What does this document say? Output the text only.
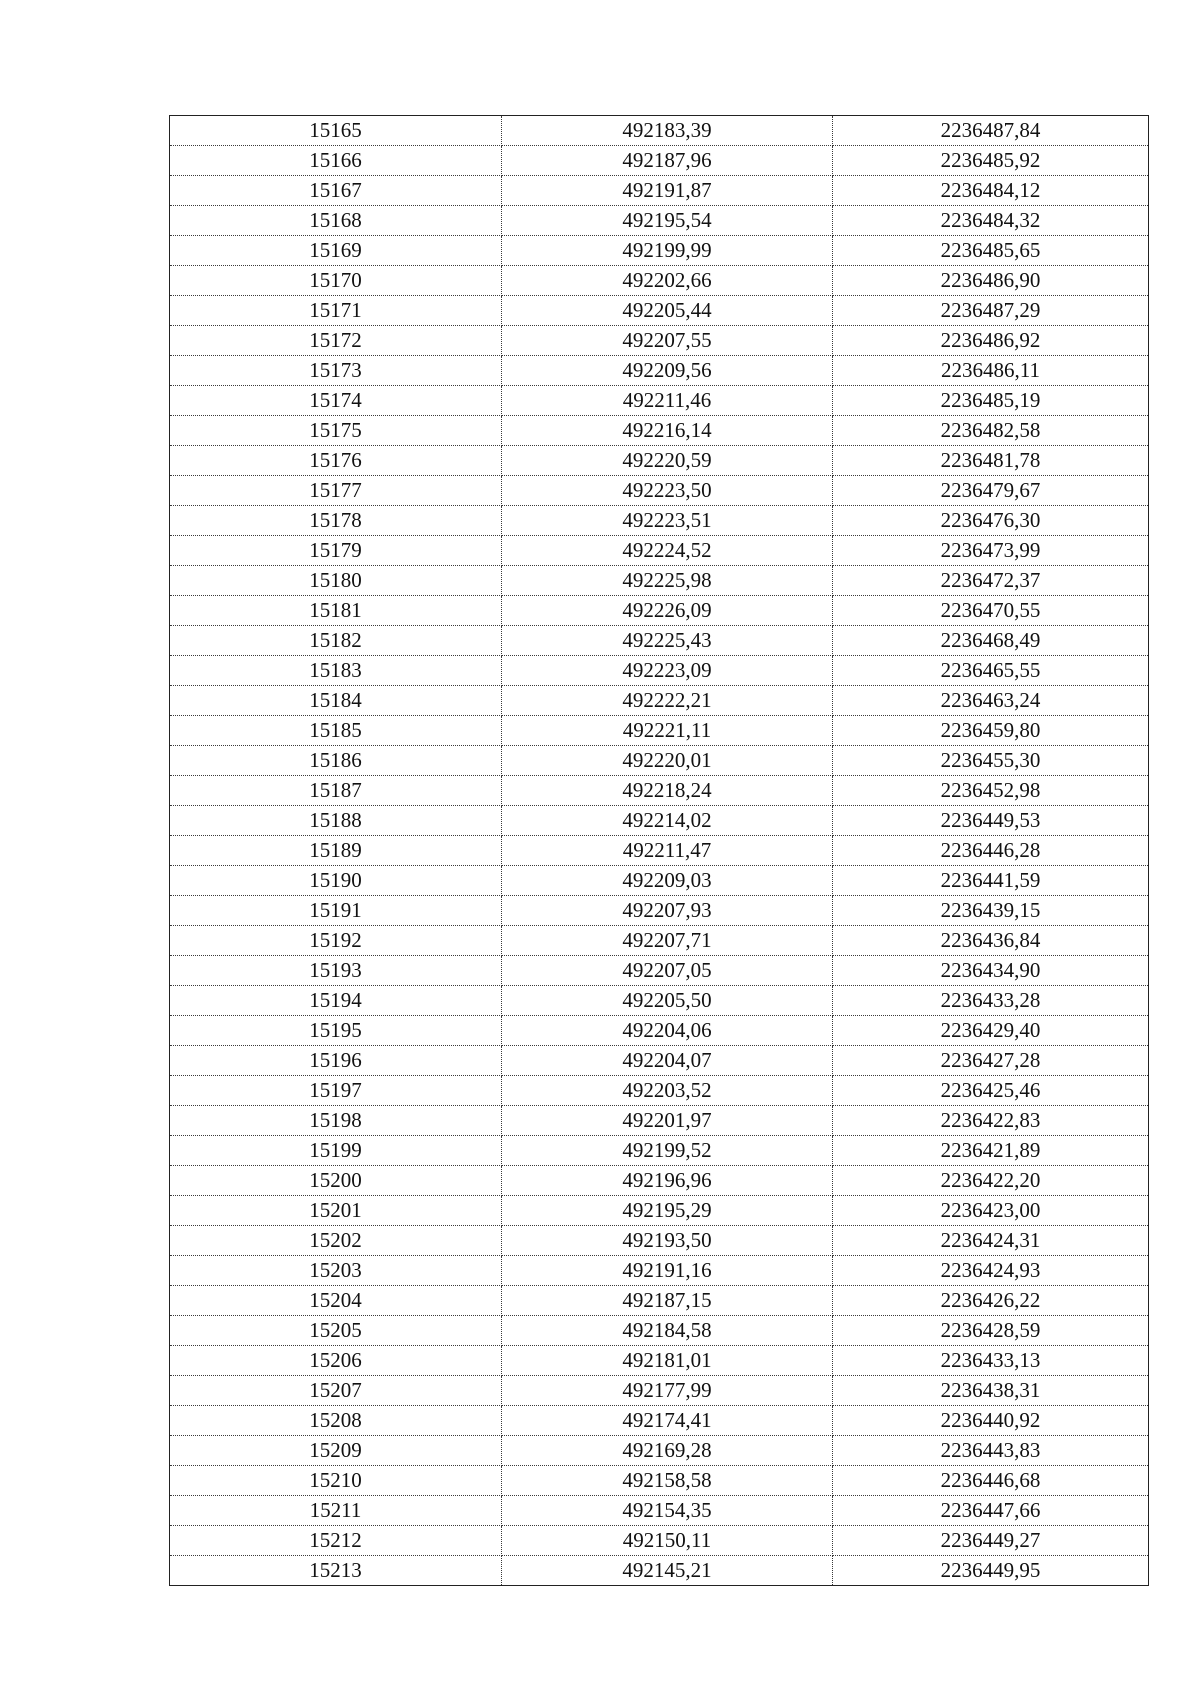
15165	492183,39	2236487,84
15166	492187,96	2236485,92
15167	492191,87	2236484,12
15168	492195,54	2236484,32
15169	492199,99	2236485,65
15170	492202,66	2236486,90
15171	492205,44	2236487,29
15172	492207,55	2236486,92
15173	492209,56	2236486,11
15174	492211,46	2236485,19
15175	492216,14	2236482,58
15176	492220,59	2236481,78
15177	492223,50	2236479,67
15178	492223,51	2236476,30
15179	492224,52	2236473,99
15180	492225,98	2236472,37
15181	492226,09	2236470,55
15182	492225,43	2236468,49
15183	492223,09	2236465,55
15184	492222,21	2236463,24
15185	492221,11	2236459,80
15186	492220,01	2236455,30
15187	492218,24	2236452,98
15188	492214,02	2236449,53
15189	492211,47	2236446,28
15190	492209,03	2236441,59
15191	492207,93	2236439,15
15192	492207,71	2236436,84
15193	492207,05	2236434,90
15194	492205,50	2236433,28
15195	492204,06	2236429,40
15196	492204,07	2236427,28
15197	492203,52	2236425,46
15198	492201,97	2236422,83
15199	492199,52	2236421,89
15200	492196,96	2236422,20
15201	492195,29	2236423,00
15202	492193,50	2236424,31
15203	492191,16	2236424,93
15204	492187,15	2236426,22
15205	492184,58	2236428,59
15206	492181,01	2236433,13
15207	492177,99	2236438,31
15208	492174,41	2236440,92
15209	492169,28	2236443,83
15210	492158,58	2236446,68
15211	492154,35	2236447,66
15212	492150,11	2236449,27
15213	492145,21	2236449,95
